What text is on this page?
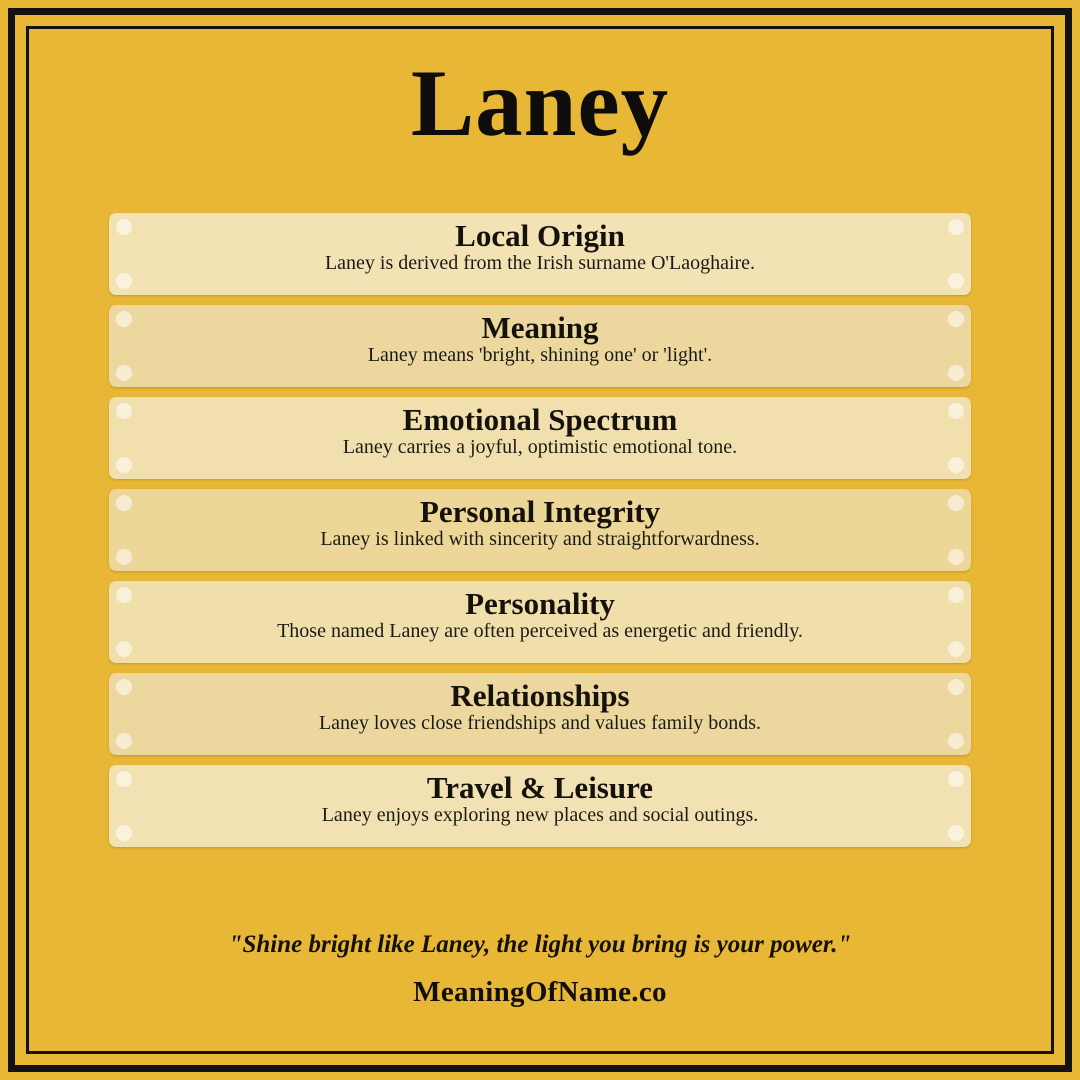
Laney
Local Origin
Laney is derived from the Irish surname O'Laoghaire.
Meaning
Laney means 'bright, shining one' or 'light'.
Emotional Spectrum
Laney carries a joyful, optimistic emotional tone.
Personal Integrity
Laney is linked with sincerity and straightforwardness.
Personality
Those named Laney are often perceived as energetic and friendly.
Relationships
Laney loves close friendships and values family bonds.
Travel & Leisure
Laney enjoys exploring new places and social outings.
"Shine bright like Laney, the light you bring is your power."
MeaningOfName.co
